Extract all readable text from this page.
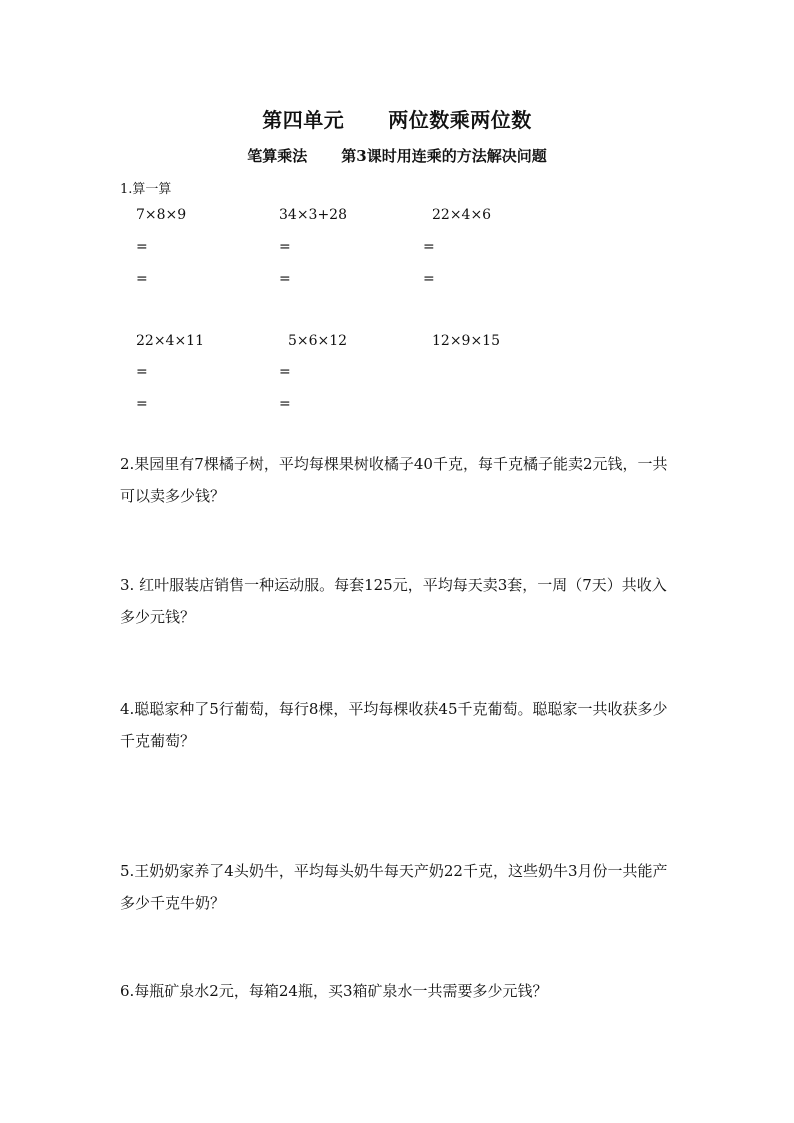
第四单元 两位数乘两位数
笔算乘法 第3课时用连乘的方法解决问题
1.算一算
7×8×9
=
=
34×3+28
=
=
22×4×6
=
=
22×4×11
=
=
5×6×12
=
=
12×9×15
2.果园里有7棵橘子树，平均每棵果树收橘子40千克，每千克橘子能卖2元钱，一共可以卖多少钱？
3. 红叶服装店销售一种运动服。每套125元，平均每天卖3套，一周（7天）共收入多少元钱？
4.聪聪家种了5行葡萄，每行8棵，平均每棵收获45千克葡萄。聪聪家一共收获多少千克葡萄？
5.王奶奶家养了4头奶牛，平均每头奶牛每天产奶22千克，这些奶牛3月份一共能产多少千克牛奶？
6.每瓶矿泉水2元，每箱24瓶，买3箱矿泉水一共需要多少元钱？
